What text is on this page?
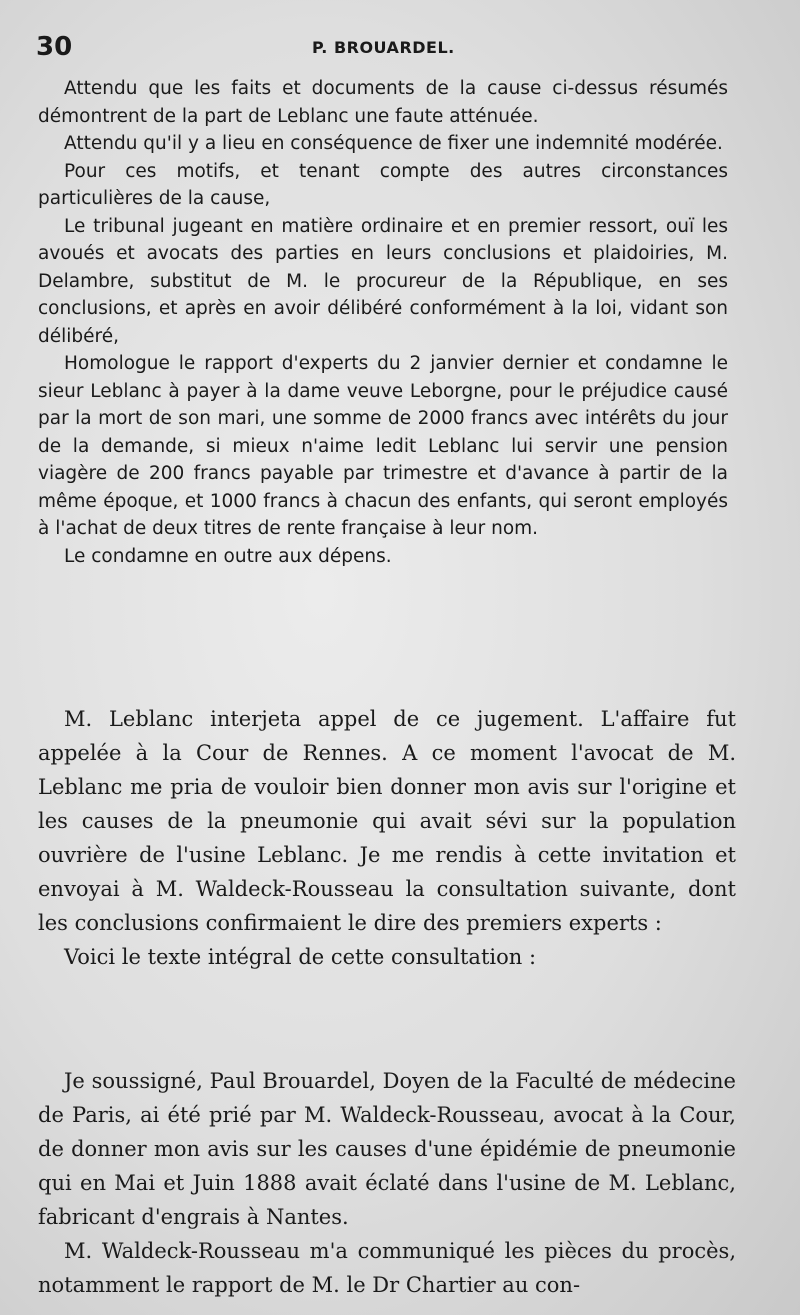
30	P. BROUARDEL.

Attendu que les faits et documents de la cause ci-dessus résumés démontrent de la part de Leblanc une faute atténuée.

Attendu qu'il y a lieu en conséquence de fixer une indemnité modérée.

Pour ces motifs, et tenant compte des autres circonstances particulières de la cause,

Le tribunal jugeant en matière ordinaire et en premier ressort, ouï les avoués et avocats des parties en leurs conclusions et plaidoiries, M. Delambre, substitut de M. le procureur de la République, en ses conclusions, et après en avoir délibéré conformément à la loi, vidant son délibéré,

Homologue le rapport d'experts du 2 janvier dernier et condamne le sieur Leblanc à payer à la dame veuve Leborgne, pour le préjudice causé par la mort de son mari, une somme de 2000 francs avec intérêts du jour de la demande, si mieux n'aime ledit Leblanc lui servir une pension viagère de 200 francs payable par trimestre et d'avance à partir de la même époque, et 1000 francs à chacun des enfants, qui seront employés à l'achat de deux titres de rente française à leur nom.

Le condamne en outre aux dépens.

M. Leblanc interjeta appel de ce jugement. L'affaire fut appelée à la Cour de Rennes. A ce moment l'avocat de M. Leblanc me pria de vouloir bien donner mon avis sur l'origine et les causes de la pneumonie qui avait sévi sur la population ouvrière de l'usine Leblanc. Je me rendis à cette invitation et envoyai à M. Waldeck-Rousseau la consultation suivante, dont les conclusions confirmaient le dire des premiers experts :

Voici le texte intégral de cette consultation :

Je soussigné, Paul Brouardel, Doyen de la Faculté de médecine de Paris, ai été prié par M. Waldeck-Rousseau, avocat à la Cour, de donner mon avis sur les causes d'une épidémie de pneumonie qui en Mai et Juin 1888 avait éclaté dans l'usine de M. Leblanc, fabricant d'engrais à Nantes.

M. Waldeck-Rousseau m'a communiqué les pièces du procès, notamment le rapport de M. le Dr Chartier au con-
